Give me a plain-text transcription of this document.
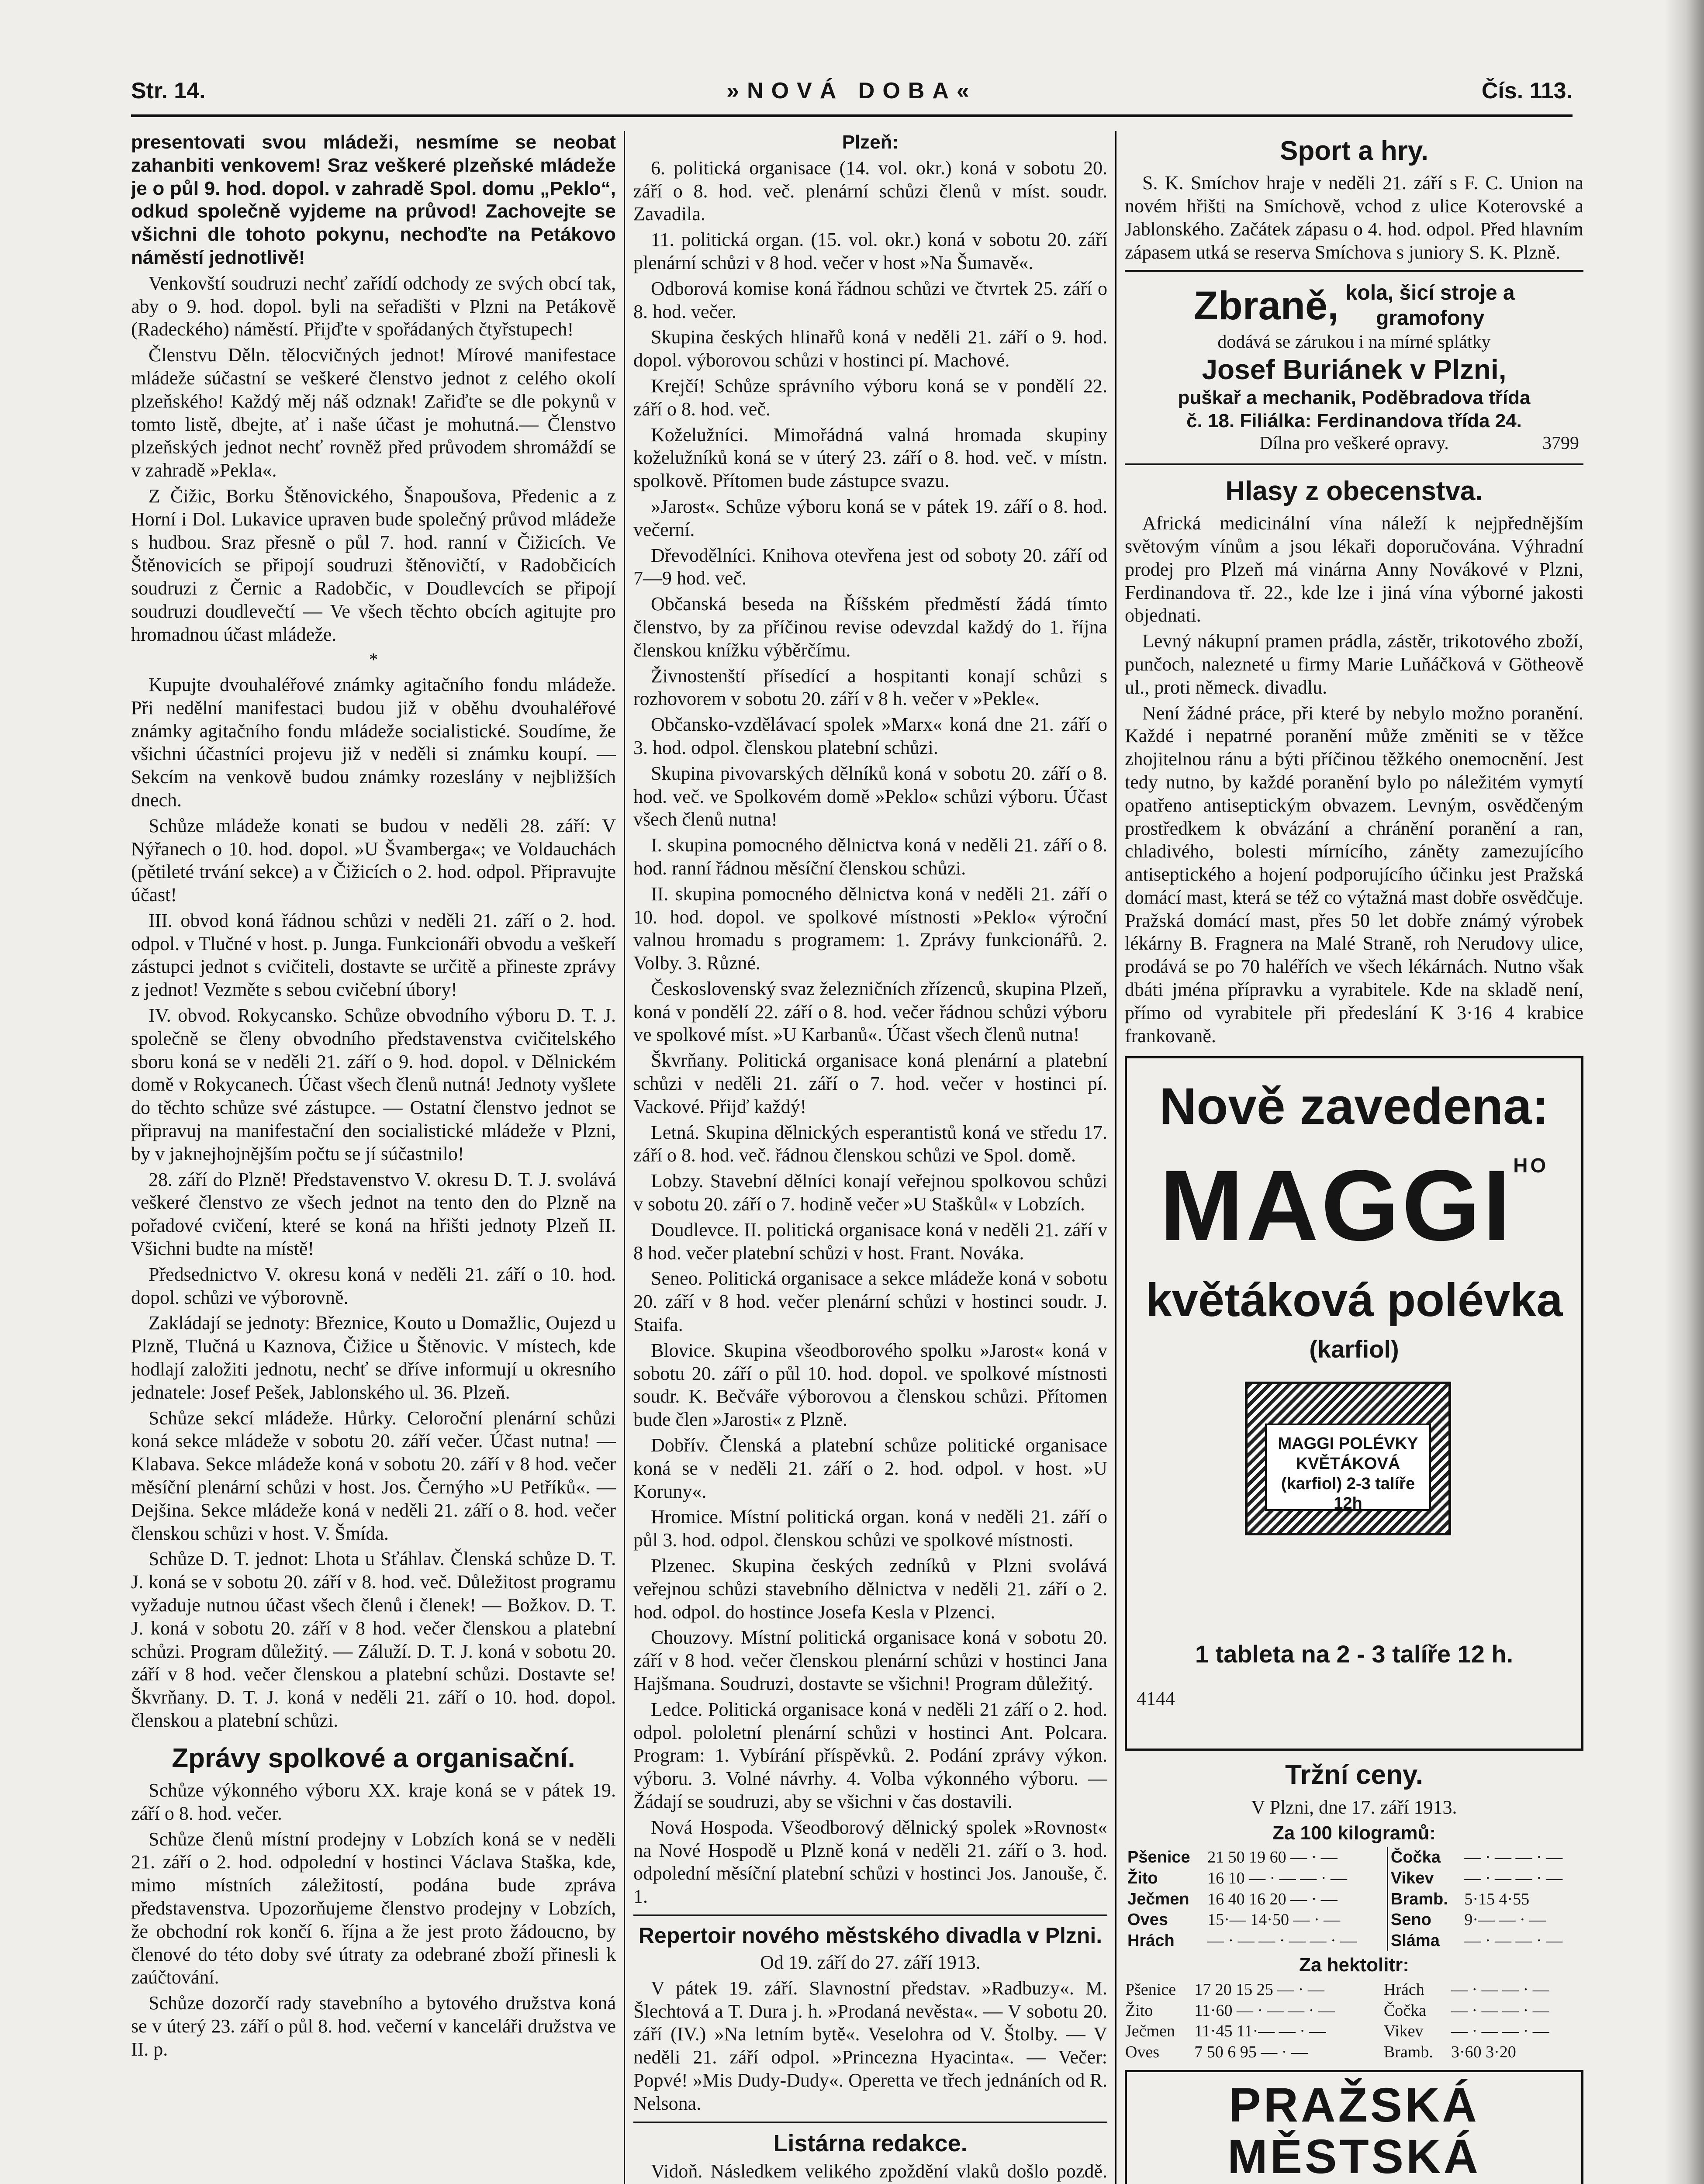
Str. 14.	»NOVÁ DOBA«	Čís. 113.

presentovati svou mládeži, nesmíme se neobat zahanbiti venkovem! Sraz veškeré plzeňské mládeže je o půl 9. hod. dopol. v zahradě Spol. domu „Peklo“, odkud společně vyjdeme na průvod! Zachovejte se všichni dle tohoto pokynu, nechoďte na Petákovo náměstí jednotlivě!

Venkovští soudruzi nechť zařídí odchody ze svých obcí tak, aby o 9. hod. dopol. byli na seřadišti v Plzni na Petákově (Radeckého) náměstí. Přijďte v spořádaných čtyřstupech!

Členstvu Děln. tělocvičných jednot! Mírové manifestace mládeže súčastní se veškeré členstvo jednot z celého okolí plzeňského! Každý měj náš odznak! Zařiďte se dle pokynů v tomto listě, dbejte, ať i naše účast je mohutná.— Členstvo plzeňských jednot nechť rovněž před průvodem shromáždí se v zahradě »Pekla«.

Z Čižic, Borku Štěnovického, Šnapoušova, Předenic a z Horní i Dol. Lukavice upraven bude společný průvod mládeže s hudbou. Sraz přesně o půl 7. hod. ranní v Čižicích. Ve Štěnovicích se připojí soudruzi štěnovičtí, v Radobčicích soudruzi z Černic a Radobčic, v Doudlevcích se připojí soudruzi doudlevečtí — Ve všech těchto obcích agitujte pro hromadnou účast mládeže.

*

Kupujte dvouhaléřové známky agitačního fondu mládeže. Při nedělní manifestaci budou již v oběhu dvouhaléřové známky agitačního fondu mládeže socialistické. Soudíme, že všichni účastníci projevu již v neděli si známku koupí. — Sekcím na venkově budou známky rozeslány v nejbližších dnech.

Schůze mládeže konati se budou v neděli 28. září: V Nýřanech o 10. hod. dopol. »U Švamberga«; ve Voldauchách (pětileté trvání sekce) a v Čižicích o 2. hod. odpol. Připravujte účast!

III. obvod koná řádnou schůzi v neděli 21. září o 2. hod. odpol. v Tlučné v host. p. Junga. Funkcionáři obvodu a veškeří zástupci jednot s cvičiteli, dostavte se určitě a přineste zprávy z jednot! Vezměte s sebou cvičební úbory!

IV. obvod. Rokycansko. Schůze obvodního výboru D. T. J. společně se členy obvodního představenstva cvičitelského sboru koná se v neděli 21. září o 9. hod. dopol. v Dělnickém domě v Rokycanech. Účast všech členů nutná! Jednoty vyšlete do těchto schůze své zástupce. — Ostatní členstvo jednot se připravuj na manifestační den socialistické mládeže v Plzni, by v jaknejhojnějším počtu se jí súčastnilo!

28. září do Plzně! Představenstvo V. okresu D. T. J. svolává veškeré členstvo ze všech jednot na tento den do Plzně na pořadové cvičení, které se koná na hřišti jednoty Plzeň II. Všichni budte na místě!

Předsednictvo V. okresu koná v neděli 21. září o 10. hod. dopol. schůzi ve výborovně.

Zakládají se jednoty: Březnice, Kouto u Domažlic, Oujezd u Plzně, Tlučná u Kaznova, Čižice u Štěnovic. V místech, kde hodlají založiti jednotu, nechť se dříve informují u okresního jednatele: Josef Pešek, Jablonského ul. 36. Plzeň.

Schůze sekcí mládeže. Hůrky. Celoroční plenární schůzi koná sekce mládeže v sobotu 20. září večer. Účast nutna! — Klabava. Sekce mládeže koná v sobotu 20. září v 8 hod. večer měsíční plenární schůzi v host. Jos. Černýho »U Petříků«. — Dejšina. Sekce mládeže koná v neděli 21. září o 8. hod. večer členskou schůzi v host. V. Šmída.

Schůze D. T. jednot: Lhota u Sťáhlav. Členská schůze D. T. J. koná se v sobotu 20. září v 8. hod. več. Důležitost programu vyžaduje nutnou účast všech členů i členek! — Božkov. D. T. J. koná v sobotu 20. září v 8 hod. večer členskou a platební schůzi. Program důležitý. — Záluží. D. T. J. koná v sobotu 20. září v 8 hod. večer členskou a platební schůzi. Dostavte se! Škvrňany. D. T. J. koná v neděli 21. září o 10. hod. dopol. členskou a platební schůzi.

Zprávy spolkové a organisační.

Schůze výkonného výboru XX. kraje koná se v pátek 19. září o 8. hod. večer.

Schůze členů místní prodejny v Lobzích koná se v neděli 21. září o 2. hod. odpolední v hostinci Václava Staška, kde, mimo místních záležitostí, podána bude zpráva představenstva. Upozorňujeme členstvo prodejny v Lobzích, že obchodní rok končí 6. října a že jest proto žádoucno, by členové do této doby své útraty za odebrané zboží přinesli k zaúčtování.

Schůze dozorčí rady stavebního a bytového družstva koná se v úterý 23. září o půl 8. hod. večerní v kanceláři družstva ve II. p.

Plzeň:

6. politická organisace (14. vol. okr.) koná v sobotu 20. září o 8. hod. več. plenární schůzi členů v míst. soudr. Zavadila.

11. politická organ. (15. vol. okr.) koná v sobotu 20. září plenární schůzi v 8 hod. večer v host »Na Šumavě«.

Odborová komise koná řádnou schůzi ve čtvrtek 25. září o 8. hod. večer.

Skupina českých hlinařů koná v neděli 21. září o 9. hod. dopol. výborovou schůzi v hostinci pí. Machové.

Krejčí! Schůze správního výboru koná se v pondělí 22. září o 8. hod. več.

Koželužníci. Mimořádná valná hromada skupiny koželužníků koná se v úterý 23. září o 8. hod. več. v místn. spolkově. Přítomen bude zástupce svazu.

»Jarost«. Schůze výboru koná se v pátek 19. září o 8. hod. večerní.

Dřevodělníci. Knihova otevřena jest od soboty 20. září od 7—9 hod. več.

Občanská beseda na Říšském předměstí žádá tímto členstvo, by za příčinou revise odevzdal každý do 1. října členskou knížku výběrčímu.

Živnostenští přísedící a hospitanti konají schůzi s rozhovorem v sobotu 20. září v 8 h. večer v »Pekle«.

Občansko-vzdělávací spolek »Marx« koná dne 21. září o 3. hod. odpol. členskou platební schůzi.

Skupina pivovarských dělníků koná v sobotu 20. září o 8. hod. več. ve Spolkovém domě »Peklo« schůzi výboru. Účast všech členů nutna!

I. skupina pomocného dělnictva koná v neděli 21. září o 8. hod. ranní řádnou měsíční členskou schůzi.

II. skupina pomocného dělnictva koná v neděli 21. září o 10. hod. dopol. ve spolkové místnosti »Peklo« výroční valnou hromadu s programem: 1. Zprávy funkcionářů. 2. Volby. 3. Různé.

Československý svaz železničních zřízenců, skupina Plzeň, koná v pondělí 22. září o 8. hod. večer řádnou schůzi výboru ve spolkové míst. »U Karbanů«. Účast všech členů nutna!

Škvrňany. Politická organisace koná plenární a platební schůzi v neděli 21. září o 7. hod. večer v hostinci pí. Vackové. Přijď každý!

Letná. Skupina dělnických esperantistů koná ve středu 17. září o 8. hod. več. řádnou členskou schůzi ve Spol. domě.

Lobzy. Stavební dělníci konají veřejnou spolkovou schůzi v sobotu 20. září o 7. hodině večer »U Staškůl« v Lobzích.

Doudlevce. II. politická organisace koná v neděli 21. září v 8 hod. večer platební schůzi v host. Frant. Nováka.

Seneo. Politická organisace a sekce mládeže koná v sobotu 20. září v 8 hod. večer plenární schůzi v hostinci soudr. J. Staifa.

Blovice. Skupina všeodborového spolku »Jarost« koná v sobotu 20. září o půl 10. hod. dopol. ve spolkové místnosti soudr. K. Bečváře výborovou a členskou schůzi. Přítomen bude člen »Jarosti« z Plzně.

Dobřív. Členská a platební schůze politické organisace koná se v neděli 21. září o 2. hod. odpol. v host. »U Koruny«.

Hromice. Místní politická organ. koná v neděli 21. září o půl 3. hod. odpol. členskou schůzi ve spolkové místnosti.

Plzenec. Skupina českých zedníků v Plzni svolává veřejnou schůzi stavebního dělnictva v neděli 21. září o 2. hod. odpol. do hostince Josefa Kesla v Plzenci.

Chouzovy. Místní politická organisace koná v sobotu 20. září v 8 hod. večer členskou plenární schůzi v hostinci Jana Hajšmana. Soudruzi, dostavte se všichni! Program důležitý.

Ledce. Politická organisace koná v neděli 21 září o 2. hod. odpol. pololetní plenární schůzi v hostinci Ant. Polcara. Program: 1. Vybírání příspěvků. 2. Podání zprávy výkon. výboru. 3. Volné návrhy. 4. Volba výkonného výboru. — Žádají se soudruzi, aby se všichni v čas dostavili.

Nová Hospoda. Všeodborový dělnický spolek »Rovnost« na Nové Hospodě u Plzně koná v neděli 21. září o 3. hod. odpolední měsíční platební schůzi v hostinci Jos. Janouše, č. 1.

Repertoir nového městského divadla v Plzni.

Od 19. září do 27. září 1913.

V pátek 19. září. Slavnostní představ. »Radbuzy«. M. Šlechtová a T. Dura j. h. »Prodaná nevěsta«. — V sobotu 20. září (IV.) »Na letním bytě«. Veselohra od V. Štolby. — V neděli 21. září odpol. »Princezna Hyacinta«. — Večer: Popvé! »Mis Dudy-Dudy«. Operetta ve třech jednáních od R. Nelsona.

Listárna redakce.

Vidoň. Následkem velikého zpoždění vlaků došlo pozdě.

Sport a hry.

S. K. Smíchov hraje v neděli 21. září s F. C. Union na novém hřišti na Smíchově, vchod z ulice Koterovské a Jablonského. Začátek zápasu o 4. hod. odpol. Před hlavním zápasem utká se reserva Smíchova s juniory S. K. Plzně.

Zbraně, kola, šicí stroje a
gramofony
dodává se zárukou i na mírné splátky
Josef Buriánek v Plzni,
puškař a mechanik, Poděbradova třída
č. 18. Filiálka: Ferdinandova třída 24.
Dílna pro veškeré opravy.	3799
Hlasy z obecenstva.

Africká medicinální vína náleží k nejpřednějším světovým vínům a jsou lékaři doporučována. Výhradní prodej pro Plzeň má vinárna Anny Novákové v Plzni, Ferdinandova tř. 22., kde lze i jiná vína výborné jakosti objednati.

Levný nákupní pramen prádla, zástěr, trikotového zboží, punčoch, nalezneté u firmy Marie Luňáčková v Götheově ul., proti německ. divadlu.

Není žádné práce, při které by nebylo možno poranění. Každé i nepatrné poranění může změniti se v těžce zhojitelnou ránu a býti příčinou těžkého onemocnění. Jest tedy nutno, by každé poranění bylo po náležitém vymytí opatřeno antiseptickým obvazem. Levným, osvědčeným prostředkem k obvázání a chránění poranění a ran, chladivého, bolesti mírnícího, záněty zamezujícího antiseptického a hojení podporujícího účinku jest Pražská domácí mast, která se též co výtažná mast dobře osvědčuje. Pražská domácí mast, přes 50 let dobře známý výrobek lékárny B. Fragnera na Malé Straně, roh Nerudovy ulice, prodává se po 70 haléřích ve všech lékárnách. Nutno však dbáti jména přípravku a vyrabitele. Kde na skladě není, přímo od vyrabitele při předeslání K 3·16 4 krabice frankovaně.

Nově zavedena:
$MAGGI^{HO}$
květáková polévka
(karfiol)
MAGGI POLÉVKY KVĚTÁKOVÁ (karfiol) 2-3 talíře 12h
1 tableta na 2 - 3 talíře 12 h.
4144
Tržní ceny.

V Plzni, dne 17. září 1913.

Za 100 kilogramů:

Pšenice	21 50 19 60 — · —	Čočka	— · — — · —
Žito	16 10 — · — — · —	Vikev	— · — — · —
Ječmen	16 40 16 20 — · —	Bramb.	5·15 4·55
Oves	15·— 14·50 — · —	Seno	9·— — · —
Hrách	— · — — · — — · —	Sláma	— · — — · —

Za hektolitr:

Pšenice	17 20 15 25 — · —	Hrách	— · — — · —
Žito	11·60 — · — — · —	Čočka	— · — — · —
Ječmen	11·45 11·— — · —	Vikev	— · — — · —
Oves	7 50 6 95 — · —	Bramb.	3·60 3·20
PRAŽSKÁ
MĚSTSKÁ
